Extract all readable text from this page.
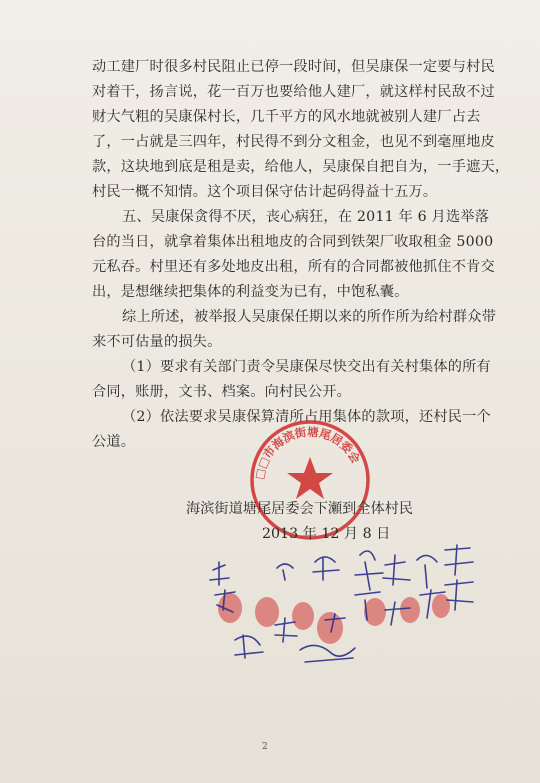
动工建厂时很多村民阻止已停一段时间，但吴康保一定要与村民
对着干，扬言说，花一百万也要给他人建厂，就这样村民敌不过
财大气粗的吴康保村长，几千平方的风水地就被别人建厂占去
了，一占就是三四年，村民得不到分文租金，也见不到毫厘地皮
款，这块地到底是租是卖，给他人，吴康保自把自为，一手遮天，
村民一概不知情。这个项目保守估计起码得益十五万。
五、吴康保贪得不厌，丧心病狂，在 2011 年 6 月选举落
台的当日，就拿着集体出租地皮的合同到铁架厂收取租金 5000
元私吞。村里还有多处地皮出租，所有的合同都被他抓住不肯交
出，是想继续把集体的利益变为已有，中饱私囊。
综上所述，被举报人吴康保任期以来的所作所为给村群众带
来不可估量的损失。
（1）要求有关部门责令吴康保尽快交出有关村集体的所有
合同，账册，文书、档案。向村民公开。
（2）依法要求吴康保算清所占用集体的款项，还村民一个
公道。
□□市海滨街塘尾居委会
海滨街道塘尾居委会下瀬到全体村民
2013 年 12 月 8 日
2
